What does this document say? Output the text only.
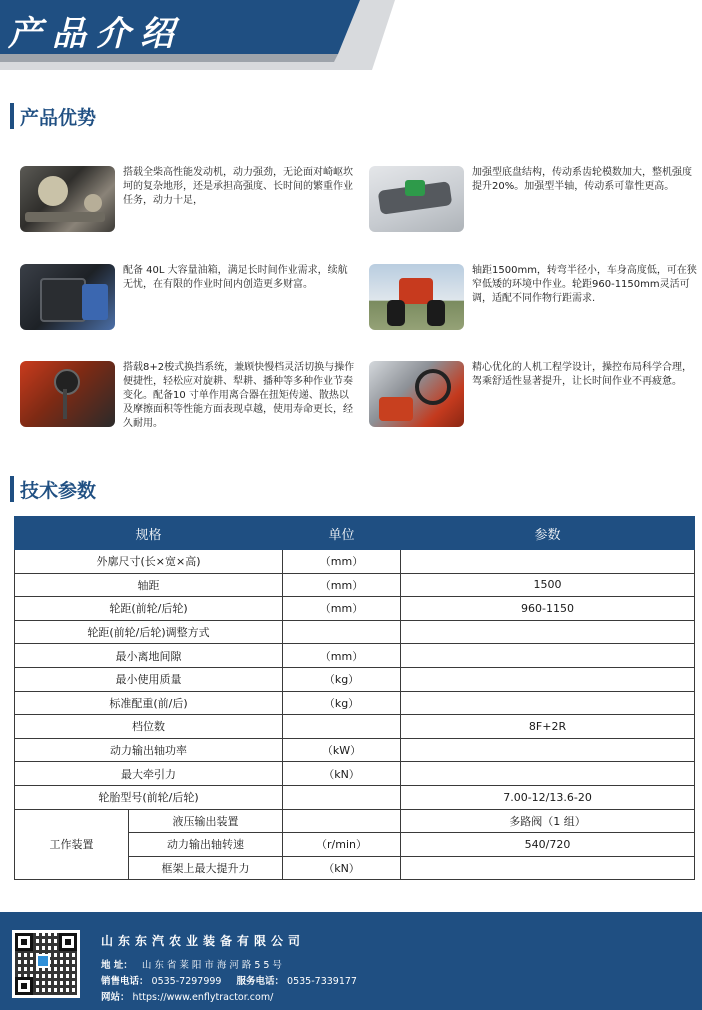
产品介绍
产品优势
搭载全柴高性能发动机，动力强劲，无论面对崎岖坎坷的复杂地形，还是承担高强度、长时间的繁重作业任务，动力十足，
加强型底盘结构，传动系齿轮模数加大，整机强度提升20%。加强型半轴，传动系可靠性更高。
配备 40L 大容量油箱，满足长时间作业需求，续航无忧，在有限的作业时间内创造更多财富。
轴距1500mm，转弯半径小，车身高度低，可在狭窄低矮的环境中作业。轮距960-1150mm灵活可调，适配不同作物行距需求.
搭载8+2梭式换挡系统，兼顾快慢档灵活切换与操作便捷性，轻松应对旋耕、犁耕、播种等多种作业节奏变化。配备10 寸单作用离合器在扭矩传递、散热以及摩擦面积等性能方面表现卓越，使用寿命更长，经久耐用。
精心优化的人机工程学设计，操控布局科学合理，驾乘舒适性显著提升，让长时间作业不再疲惫。
技术参数
规格		单位	参数
外廓尺寸(长×宽×高)		（mm）	
轴距		（mm）	1500
轮距(前轮/后轮)		（mm）	960-1150
轮距(前轮/后轮)调整方式			
最小离地间隙		（mm）	
最小使用质量		（kg）	
标准配重(前/后)		（kg）	
档位数			8F+2R
动力输出轴功率		（kW）	
最大牵引力		（kN）	
轮胎型号(前轮/后轮)			7.00-12/13.6-20
工作装置	液压输出装置		多路阀（1 组）
	动力输出轴转速	（r/min）	540/720
	框架上最大提升力	（kN）	
山东东汽农业装备有限公司
地 址： 山东省莱阳市海河路55号
销售电话： 0535-7297999 服务电话： 0535-7339177
网站： https://www.enflytractor.com/
